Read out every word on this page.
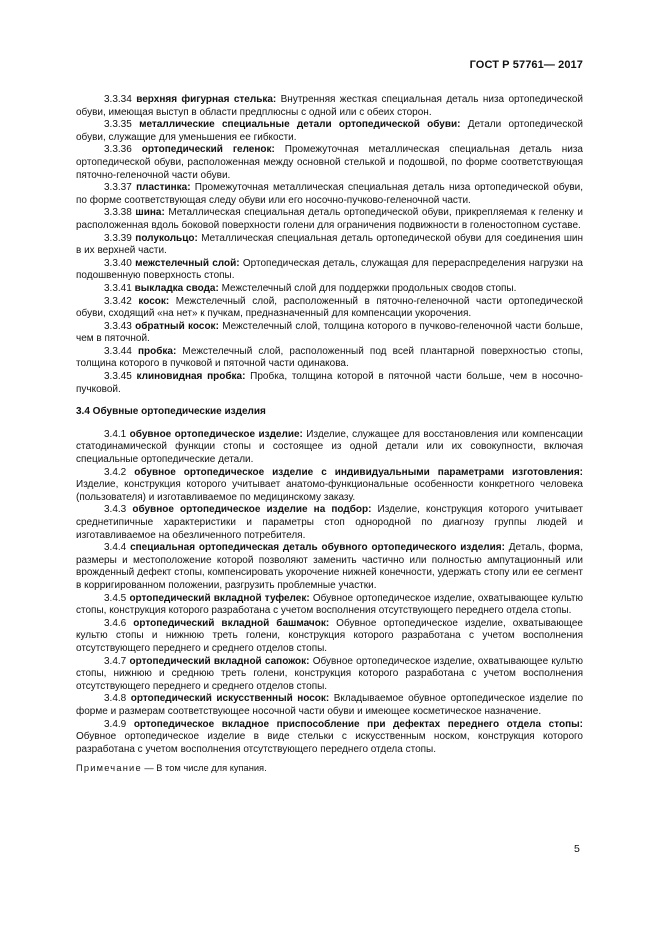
ГОСТ Р 57761— 2017

3.3.34 верхняя фигурная стелька: Внутренняя жесткая специальная деталь низа ортопедической обуви, имеющая выступ в области предплюсны с одной или с обеих сторон.

3.3.35 металлические специальные детали ортопедической обуви: Детали ортопедической обуви, служащие для уменьшения ее гибкости.

3.3.36 ортопедический геленок: Промежуточная металлическая специальная деталь низа ортопедической обуви, расположенная между основной стелькой и подошвой, по форме соответствующая пяточно-геленочной части обуви.

3.3.37 пластинка: Промежуточная металлическая специальная деталь низа ортопедической обуви, по форме соответствующая следу обуви или его носочно-пучково-геленочной части.

3.3.38 шина: Металлическая специальная деталь ортопедической обуви, прикрепляемая к геленку и расположенная вдоль боковой поверхности голени для ограничения подвижности в голеностопном суставе.

3.3.39 полукольцо: Металлическая специальная деталь ортопедической обуви для соединения шин в их верхней части.

3.3.40 межстелечный слой: Ортопедическая деталь, служащая для перераспределения нагрузки на подошвенную поверхность стопы.

3.3.41 выкладка свода: Межстелечный слой для поддержки продольных сводов стопы.

3.3.42 косок: Межстелечный слой, расположенный в пяточно-геленочной части ортопедической обуви, сходящий «на нет» к пучкам, предназначенный для компенсации укорочения.

3.3.43 обратный косок: Межстелечный слой, толщина которого в пучково-геленочной части больше, чем в пяточной.

3.3.44 пробка: Межстелечный слой, расположенный под всей плантарной поверхностью стопы, толщина которого в пучковой и пяточной части одинакова.

3.3.45 клиновидная пробка: Пробка, толщина которой в пяточной части больше, чем в носочно-пучковой.

3.4 Обувные ортопедические изделия

3.4.1 обувное ортопедическое изделие: Изделие, служащее для восстановления или компенсации статодинамической функции стопы и состоящее из одной детали или их совокупности, включая специальные ортопедические детали.

3.4.2 обувное ортопедическое изделие с индивидуальными параметрами изготовления: Изделие, конструкция которого учитывает анатомо-функциональные особенности конкретного человека (пользователя) и изготавливаемое по медицинскому заказу.

3.4.3 обувное ортопедическое изделие на подбор: Изделие, конструкция которого учитывает среднетипичные характеристики и параметры стоп однородной по диагнозу группы людей и изготавливаемое на обезличенного потребителя.

3.4.4 специальная ортопедическая деталь обувного ортопедического изделия: Деталь, форма, размеры и местоположение которой позволяют заменить частично или полностью ампутационный или врожденный дефект стопы, компенсировать укорочение нижней конечности, удержать стопу или ее сегмент в корригированном положении, разгрузить проблемные участки.

3.4.5 ортопедический вкладной туфелек: Обувное ортопедическое изделие, охватывающее культю стопы, конструкция которого разработана с учетом восполнения отсутствующего переднего отдела стопы.

3.4.6 ортопедический вкладной башмачок: Обувное ортопедическое изделие, охватывающее культю стопы и нижнюю треть голени, конструкция которого разработана с учетом восполнения отсутствующего переднего и среднего отделов стопы.

3.4.7 ортопедический вкладной сапожок: Обувное ортопедическое изделие, охватывающее культю стопы, нижнюю и среднюю треть голени, конструкция которого разработана с учетом восполнения отсутствующего переднего и среднего отделов стопы.

3.4.8 ортопедический искусственный носок: Вкладываемое обувное ортопедическое изделие по форме и размерам соответствующее носочной части обуви и имеющее косметическое назначение.

3.4.9 ортопедическое вкладное приспособление при дефектах переднего отдела стопы: Обувное ортопедическое изделие в виде стельки с искусственным носком, конструкция которого разработана с учетом восполнения отсутствующего переднего отдела стопы.

Примечание — В том числе для купания.

5
